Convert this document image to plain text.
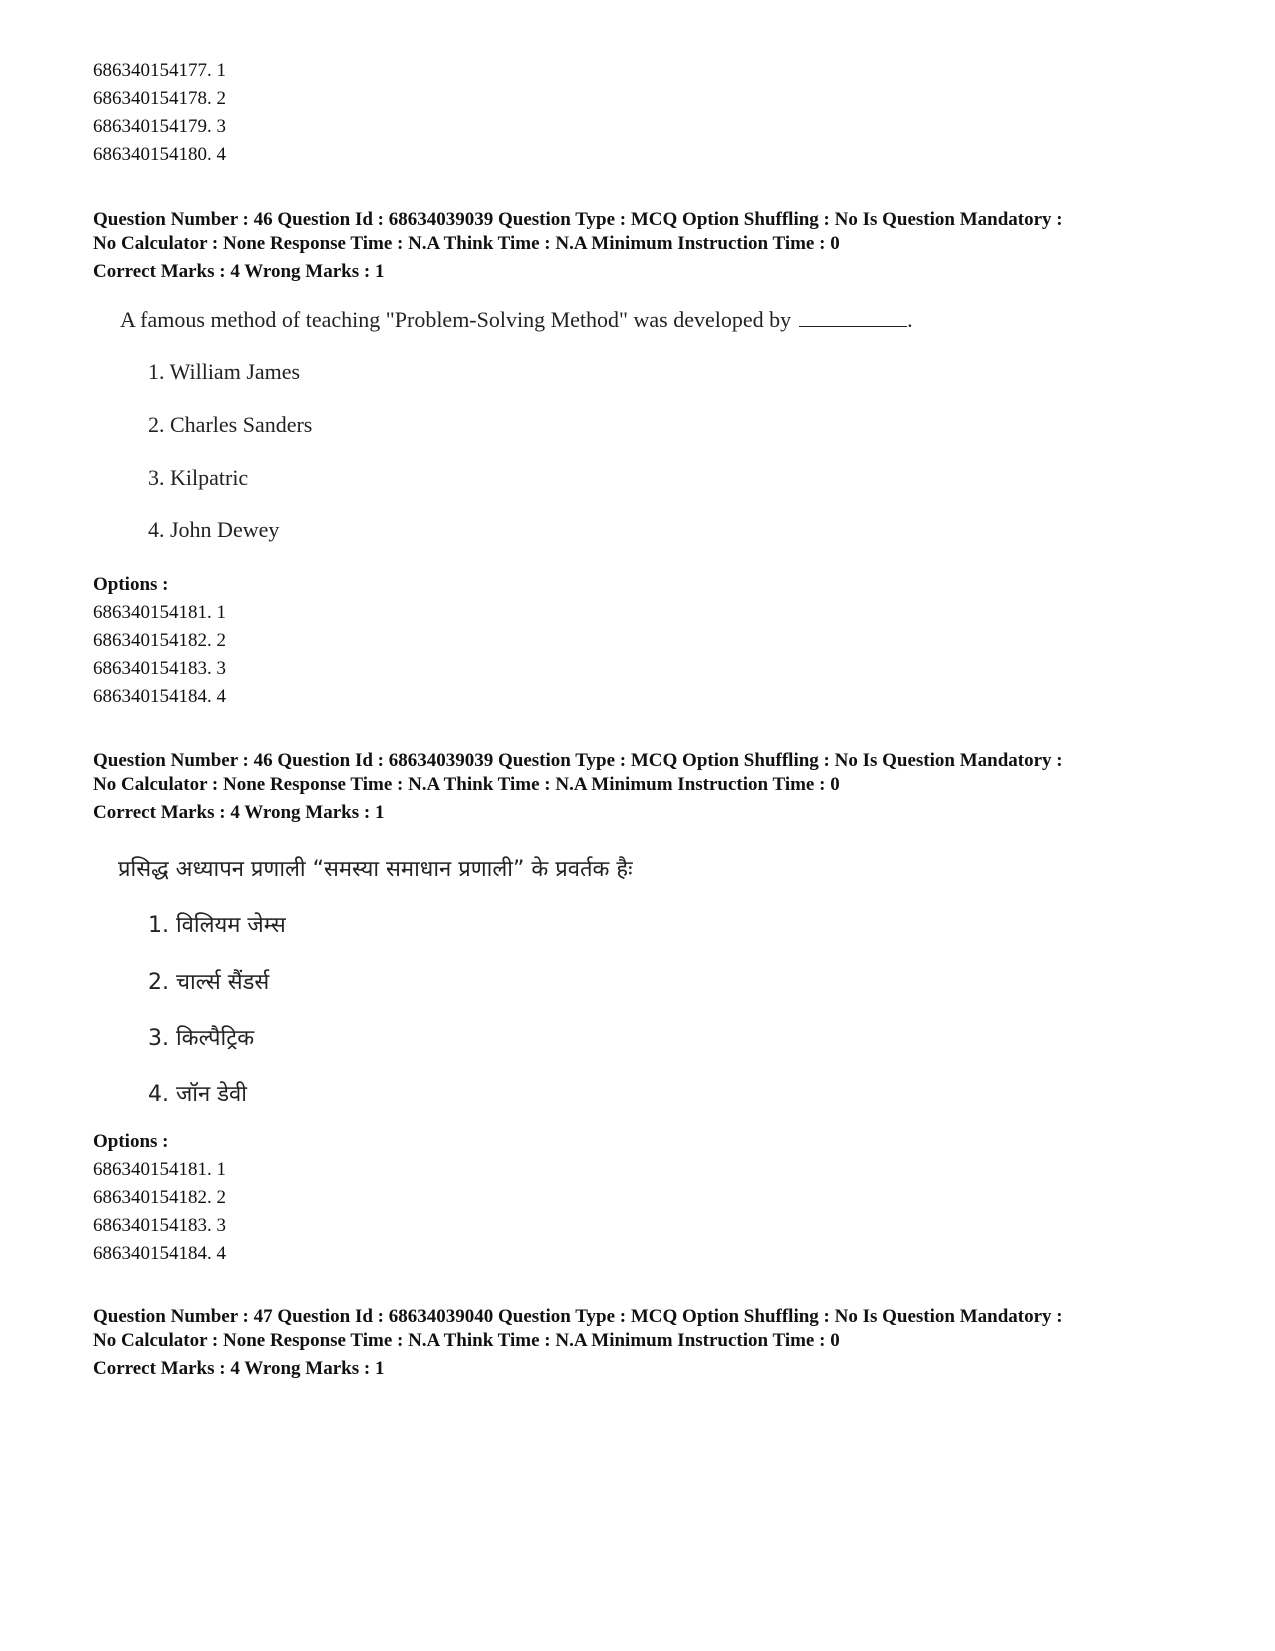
686340154177. 1
686340154178. 2
686340154179. 3
686340154180. 4
Question Number : 46 Question Id : 68634039039 Question Type : MCQ Option Shuffling : No Is Question Mandatory :
No Calculator : None Response Time : N.A Think Time : N.A Minimum Instruction Time : 0
Correct Marks : 4 Wrong Marks : 1
A famous method of teaching "Problem-Solving Method" was developed by	.
1. William James
2. Charles Sanders
3. Kilpatric
4. John Dewey
Options :
686340154181. 1
686340154182. 2
686340154183. 3
686340154184. 4
Question Number : 46 Question Id : 68634039039 Question Type : MCQ Option Shuffling : No Is Question Mandatory :
No Calculator : None Response Time : N.A Think Time : N.A Minimum Instruction Time : 0
Correct Marks : 4 Wrong Marks : 1
प्रसिद्ध अध्यापन प्रणाली “समस्या समाधान प्रणाली” के प्रवर्तक हैः
1. विलियम जेम्स
2. चार्ल्स सैंडर्स
3. किल्पैट्रिक
4. जॉन डेवी
Options :
686340154181. 1
686340154182. 2
686340154183. 3
686340154184. 4
Question Number : 47 Question Id : 68634039040 Question Type : MCQ Option Shuffling : No Is Question Mandatory :
No Calculator : None Response Time : N.A Think Time : N.A Minimum Instruction Time : 0
Correct Marks : 4 Wrong Marks : 1
